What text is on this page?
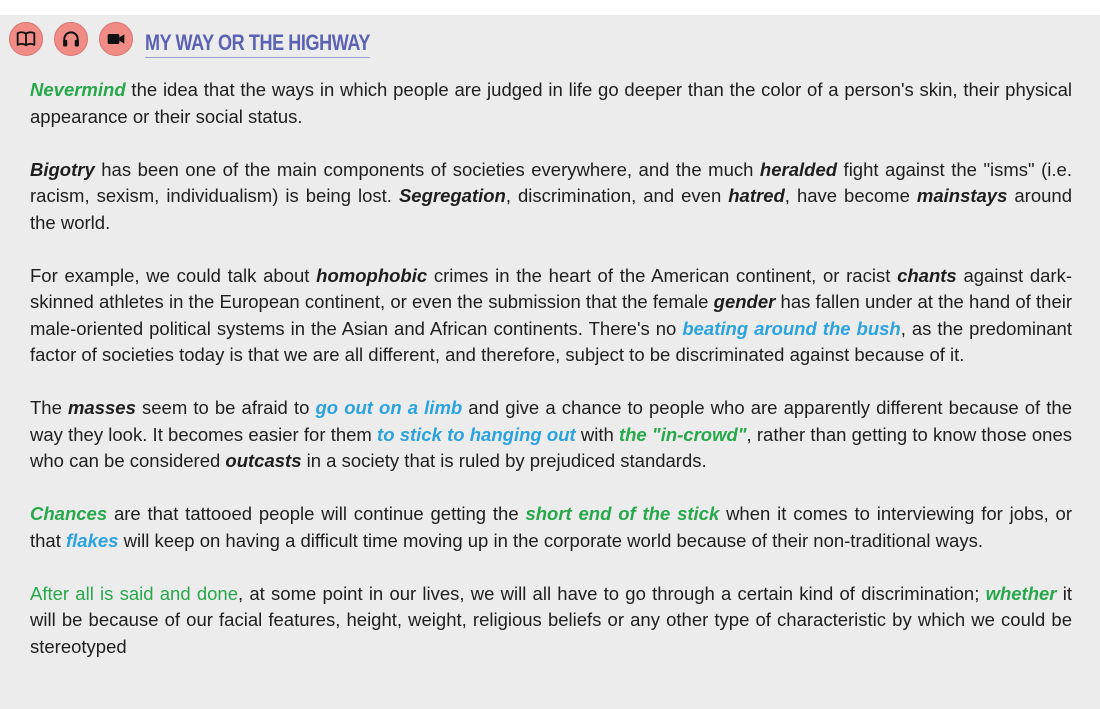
MY WAY OR THE HIGHWAY

Nevermind the idea that the ways in which people are judged in life go deeper than the color of a person's skin, their physical appearance or their social status.

Bigotry has been one of the main components of societies everywhere, and the much heralded fight against the "isms" (i.e. racism, sexism, individualism) is being lost. Segregation, discrimination, and even hatred, have become mainstays around the world.

For example, we could talk about homophobic crimes in the heart of the American continent, or racist chants against dark-skinned athletes in the European continent, or even the submission that the female gender has fallen under at the hand of their male-oriented political systems in the Asian and African continents. There's no beating around the bush, as the predominant factor of societies today is that we are all different, and therefore, subject to be discriminated against because of it.

The masses seem to be afraid to go out on a limb and give a chance to people who are apparently different because of the way they look. It becomes easier for them to stick to hanging out with the "in-crowd", rather than getting to know those ones who can be considered outcasts in a society that is ruled by prejudiced standards.

Chances are that tattooed people will continue getting the short end of the stick when it comes to interviewing for jobs, or that flakes will keep on having a difficult time moving up in the corporate world because of their non-traditional ways.

After all is said and done, at some point in our lives, we will all have to go through a certain kind of discrimination; whether it will be because of our facial features, height, weight, religious beliefs or any other type of characteristic by which we could be stereotyped
